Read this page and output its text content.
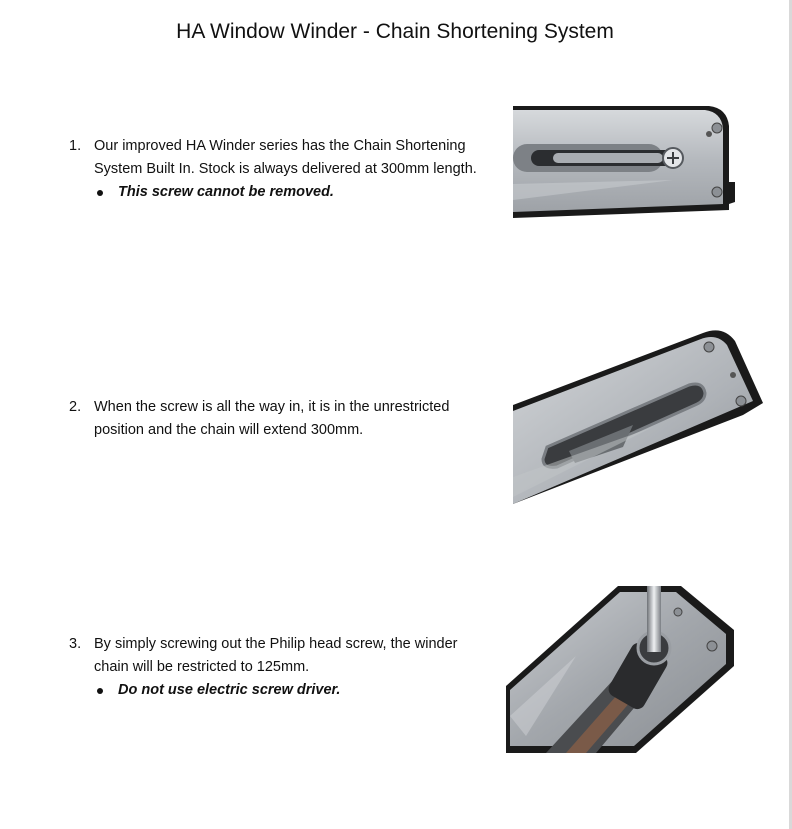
HA Window Winder - Chain Shortening System
1. Our improved HA Winder series has the Chain Shortening System Built In. Stock is always delivered at 300mm length.
This screw cannot be removed.
2. When the screw is all the way in, it is in the unrestricted position and the chain will extend 300mm.
3. By simply screwing out the Philip head screw, the winder chain will be restricted to 125mm.
Do not use electric screw driver.
